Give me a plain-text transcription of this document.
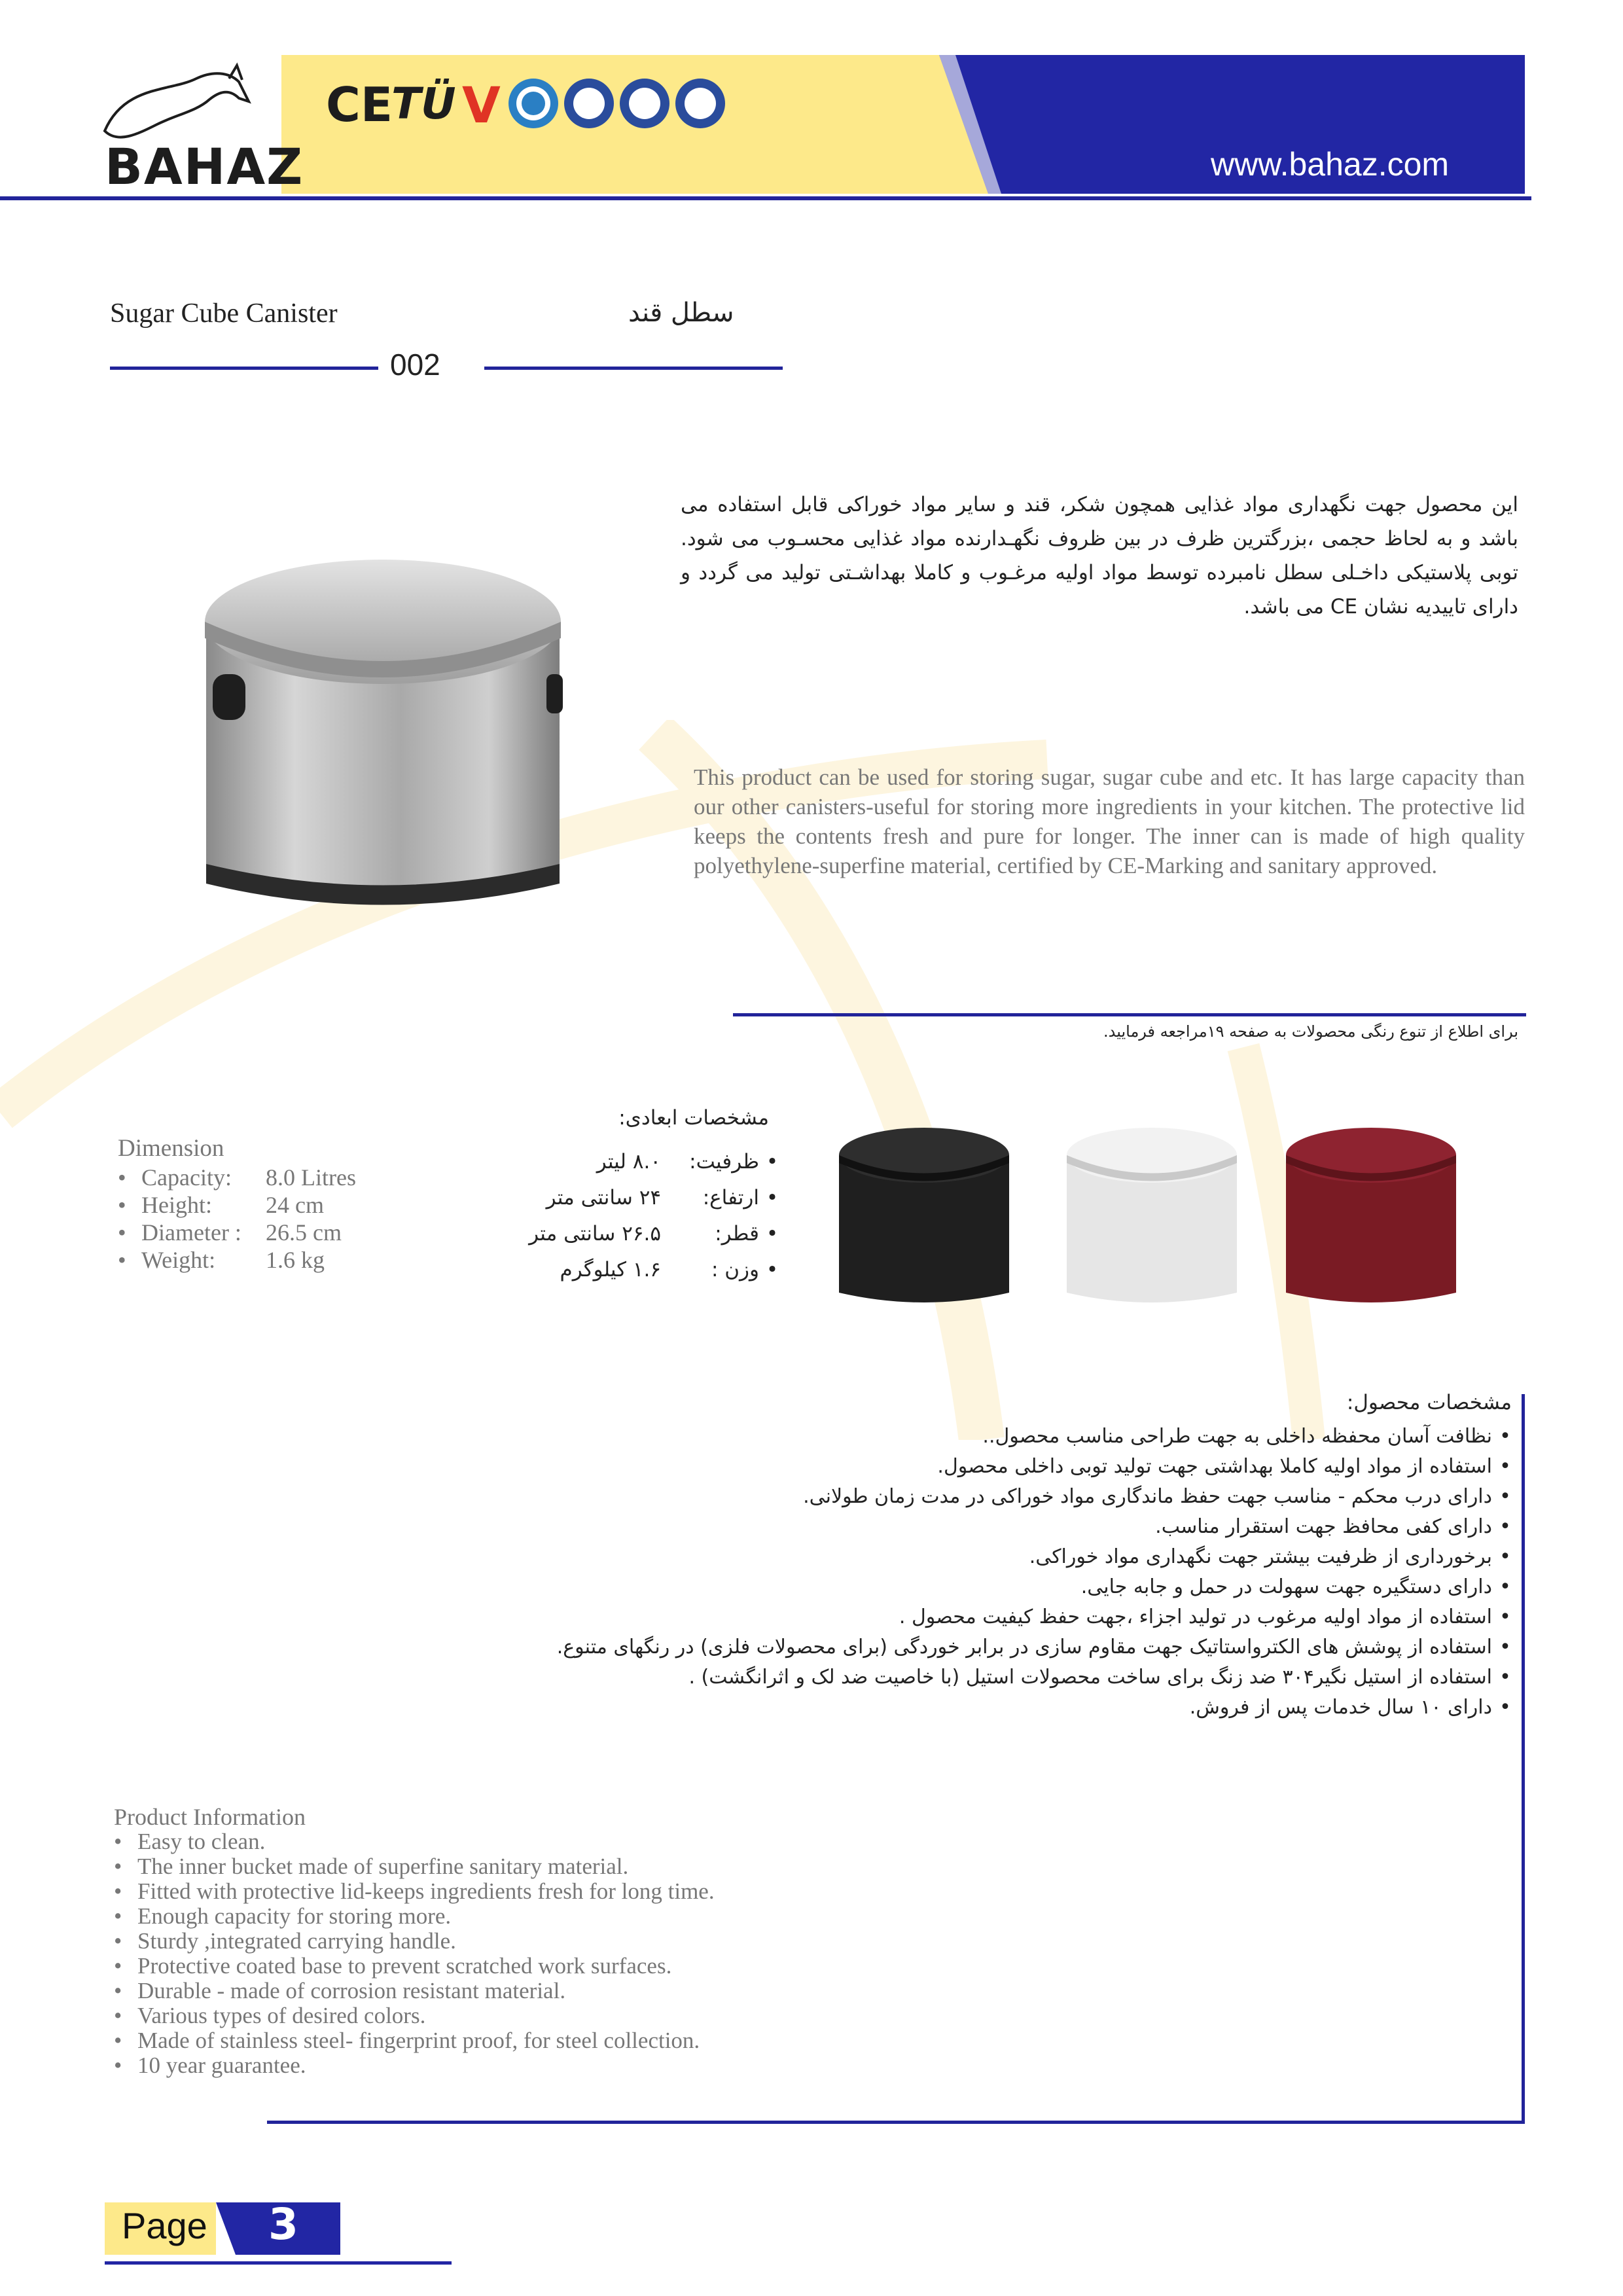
BAHAZ
CE
TÜ V
www.bahaz.com
Sugar Cube Canister	سطل قند
002
این محصول جهت نگهداری مواد غذایی همچون شکر، قند و سایر مواد خوراکی قابل استفاده می باشد و به لحاظ حجمی ،بزرگترین ظرف در بین ظروف نگهـدارنده مواد غذایی محسـوب می شود. توبی پلاستیکی داخـلی سطل نامبرده توسط مواد اولیه مرغـوب و کاملا بهداشـتی تولید می گردد و دارای تاییدیه نشان CE می باشد.
This product can be used for storing sugar, sugar cube and etc. It has large capacity than our other canisters-useful for storing more ingredients in your kitchen. The protective lid keeps the contents fresh and pure for longer. The inner can is made of high quality polyethylene-superfine material, certified by CE-Marking and sanitary approved.
برای اطلاع از تنوع رنگی محصولات به صفحه ۱۹مراجعه فرمایید.
Dimension
• Capacity: 8.0 Litres
• Height: 24 cm
• Diameter : 26.5 cm
• Weight: 1.6 kg
مشخصات ابعادی:
•
ظرفیت:
۸.۰ لیتر
•
ارتفاع:
۲۴ سانتی متر
•
قطر:
۲۶.۵ سانتی متر
•
وزن :
۱.۶ کیلوگرم
مشخصات محصول:
•نظافت آسان محفظه داخلی به جهت طراحی مناسب محصول..
•استفاده از مواد اولیه کاملا بهداشتی جهت تولید توبی داخلی محصول.
•دارای درب محکم - مناسب جهت حفظ ماندگاری مواد خوراکی در مدت زمان طولانی.
•دارای کفی محافظ جهت استقرار مناسب.
•برخورداری از ظرفیت بیشتر جهت نگهداری مواد خوراکی.
•دارای دستگیره جهت سهولت در حمل و جابه جایی.
•استفاده از مواد اولیه مرغوب در تولید اجزاء ،جهت حفظ کیفیت محصول .
•استفاده از پوشش های الکترواستاتیک جهت مقاوم سازی در برابر خوردگی (برای محصولات فلزی) در رنگهای متنوع.
•استفاده از استیل نگیر۳۰۴ ضد زنگ برای ساخت محصولات استیل (با خاصیت ضد لک و اثرانگشت) .
•دارای ۱۰ سال خدمات پس از فروش.
Product Information
• Easy to clean.
• The inner bucket made of superfine sanitary material.
• Fitted with protective lid-keeps ingredients fresh for long time.
• Enough capacity for storing more.
• Sturdy ,integrated carrying handle.
• Protective coated base to prevent scratched work surfaces.
• Durable - made of corrosion resistant material.
• Various types of desired colors.
• Made of stainless steel- fingerprint proof, for steel collection.
• 10 year guarantee.
Page 3
